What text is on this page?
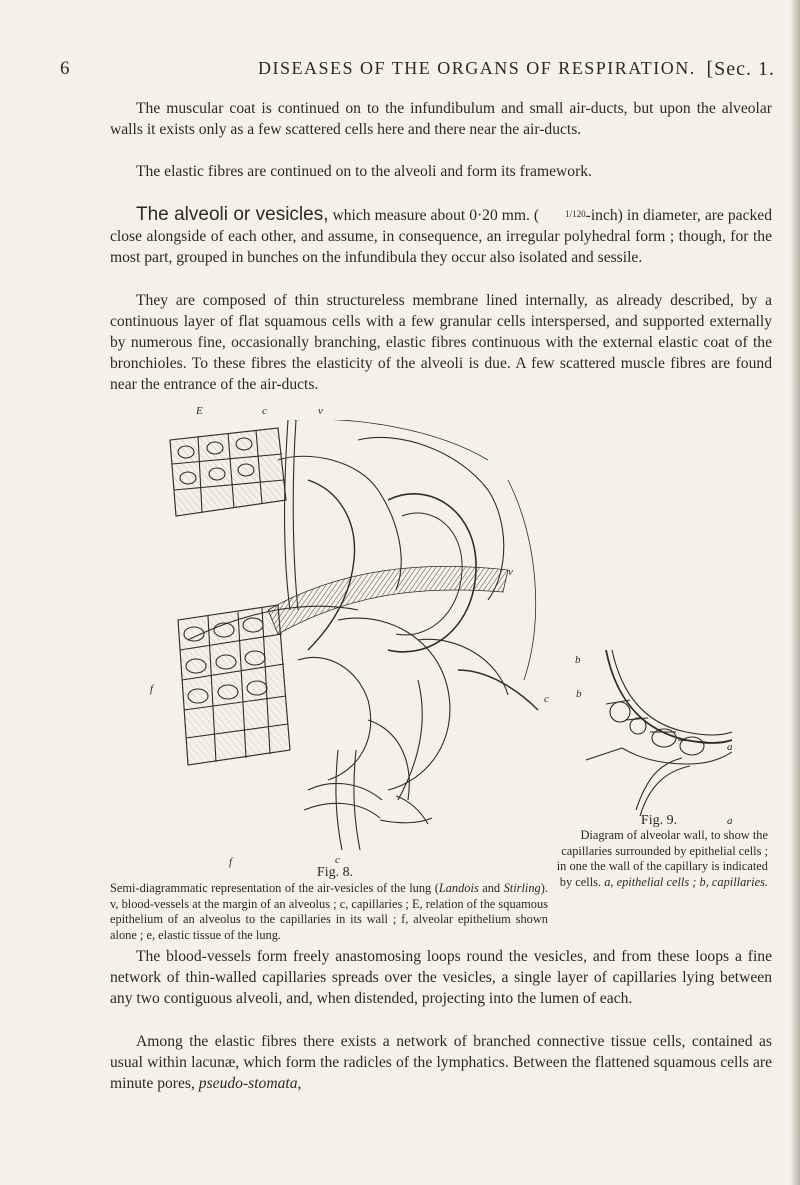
6	DISEASES OF THE ORGANS OF RESPIRATION. [Sec. 1.

The muscular coat is continued on to the infundibulum and small air-ducts, but upon the alveolar walls it exists only as a few scattered cells here and there near the air-ducts.

The elastic fibres are continued on to the alveoli and form its framework.

The alveoli or vesicles, which measure about 0·20 mm. (	1/120-inch) in diameter, are packed close alongside of each other, and assume, in consequence, an irregular polyhedral form ; though, for the most part, grouped in bunches on the infundibula they occur also isolated and sessile.

They are composed of thin structureless membrane lined internally, as already described, by a continuous layer of flat squamous cells with a few granular cells interspersed, and supported externally by numerous fine, occasionally branching, elastic fibres continuous with the external elastic coat of the bronchioles. To these fibres the elasticity of the alveoli is due. A few scattered muscle fibres are found near the entrance of the air-ducts.

E	c	v
v
f
c
f	c
b
b
a
a
Fig. 9.

Diagram of alveolar wall, to show the capillaries surrounded by epithelial cells ; in one the wall of the capillary is indicated by cells. a, epithelial cells ; b, capillaries.

Fig. 8.

Semi-diagrammatic representation of the air-vesicles of the lung (Landois and Stirling). v, blood-vessels at the margin of an alveolus ; c, capillaries ; E, relation of the squamous epithelium of an alveolus to the capillaries in its wall ; f, alveolar epithelium shown alone ; e, elastic tissue of the lung.

The blood-vessels form freely anastomosing loops round the vesicles, and from these loops a fine network of thin-walled capillaries spreads over the vesicles, a single layer of capillaries lying between any two contiguous alveoli, and, when distended, projecting into the lumen of each.

Among the elastic fibres there exists a network of branched connective tissue cells, contained as usual within lacunæ, which form the radicles of the lymphatics. Between the flattened squamous cells are minute pores, pseudo-stomata,
